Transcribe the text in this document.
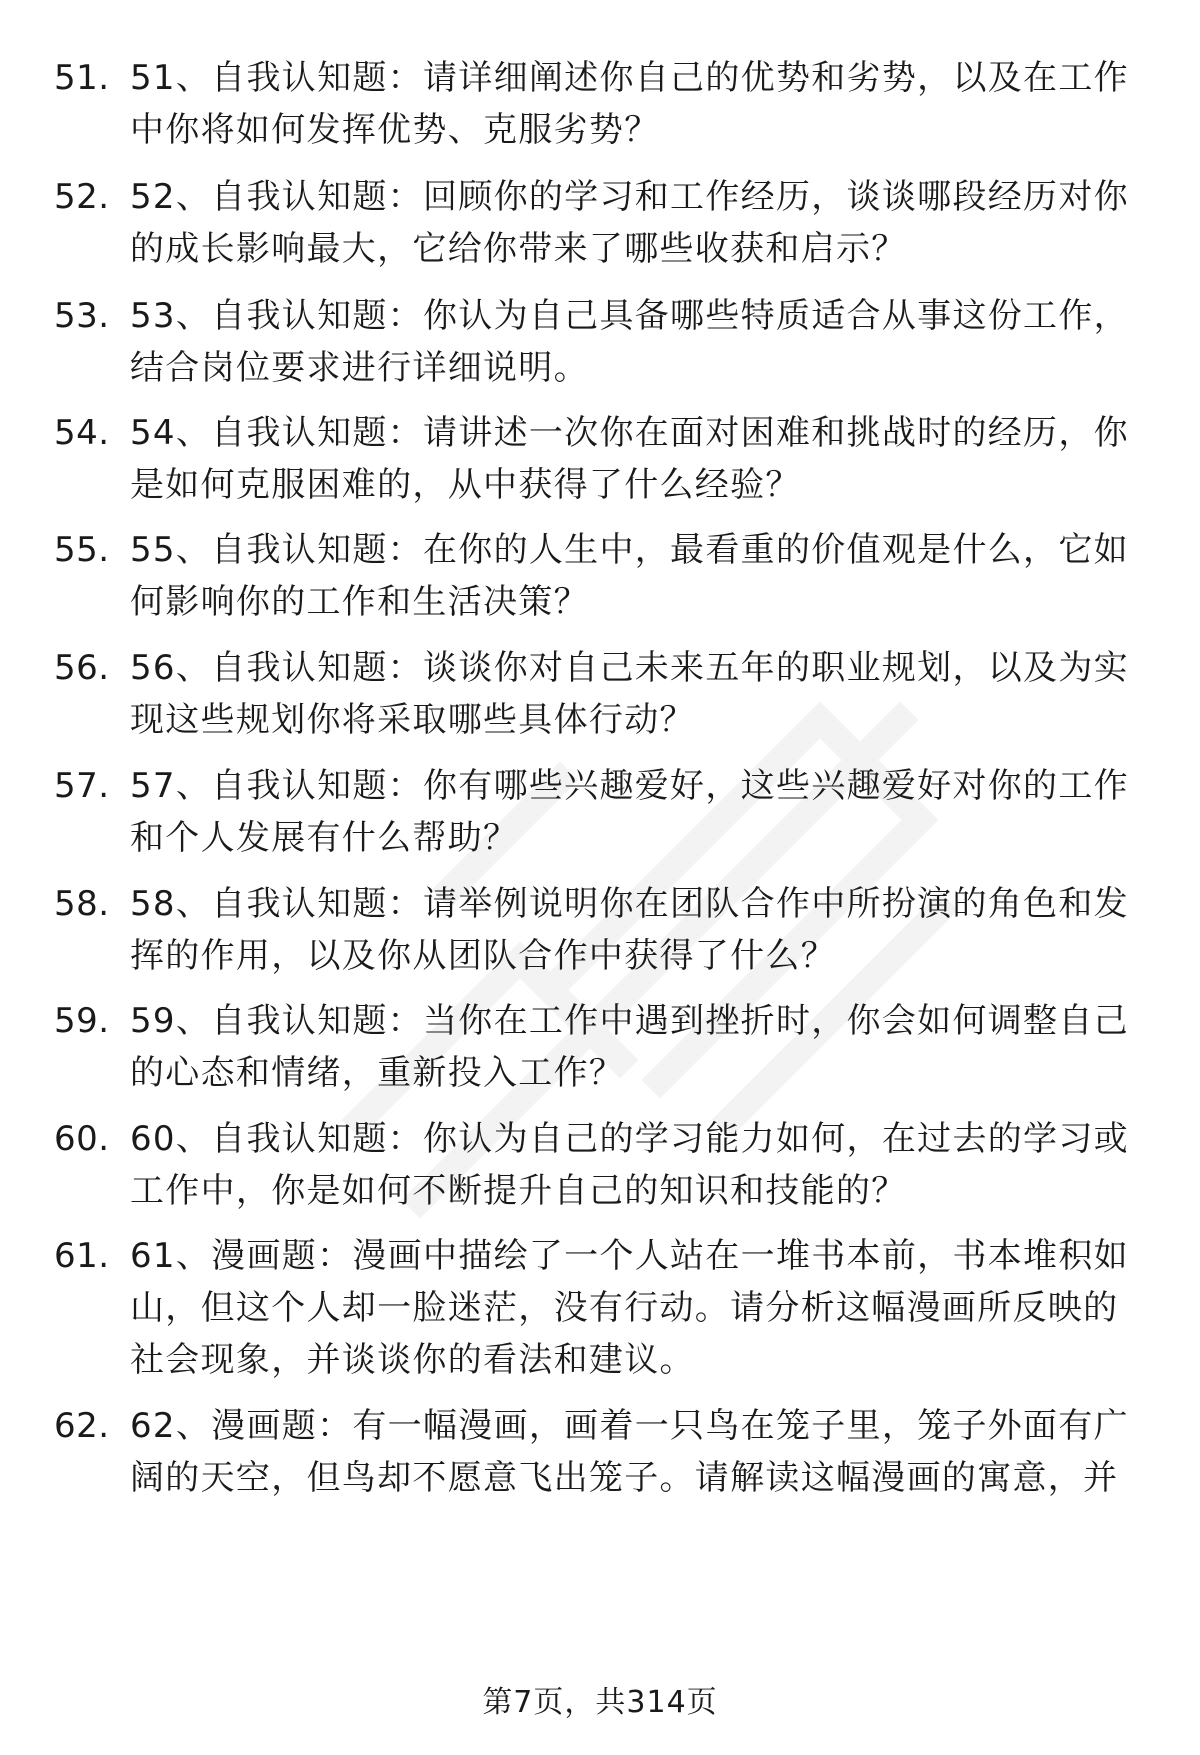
51. 51、自我认知题：请详细阐述你自己的优势和劣势，以及在工作中你将如何发挥优势、克服劣势？
52. 52、自我认知题：回顾你的学习和工作经历，谈谈哪段经历对你的成长影响最大，它给你带来了哪些收获和启示？
53. 53、自我认知题：你认为自己具备哪些特质适合从事这份工作，结合岗位要求进行详细说明。
54. 54、自我认知题：请讲述一次你在面对困难和挑战时的经历，你是如何克服困难的，从中获得了什么经验？
55. 55、自我认知题：在你的人生中，最看重的价值观是什么，它如何影响你的工作和生活决策？
56. 56、自我认知题：谈谈你对自己未来五年的职业规划，以及为实现这些规划你将采取哪些具体行动？
57. 57、自我认知题：你有哪些兴趣爱好，这些兴趣爱好对你的工作和个人发展有什么帮助？
58. 58、自我认知题：请举例说明你在团队合作中所扮演的角色和发挥的作用，以及你从团队合作中获得了什么？
59. 59、自我认知题：当你在工作中遇到挫折时，你会如何调整自己的心态和情绪，重新投入工作？
60. 60、自我认知题：你认为自己的学习能力如何，在过去的学习或工作中，你是如何不断提升自己的知识和技能的？
61. 61、漫画题：漫画中描绘了一个人站在一堆书本前，书本堆积如山，但这个人却一脸迷茫，没有行动。请分析这幅漫画所反映的社会现象，并谈谈你的看法和建议。
62. 62、漫画题：有一幅漫画，画着一只鸟在笼子里，笼子外面有广阔的天空，但鸟却不愿意飞出笼子。请解读这幅漫画的寓意，并
第7页，共314页
